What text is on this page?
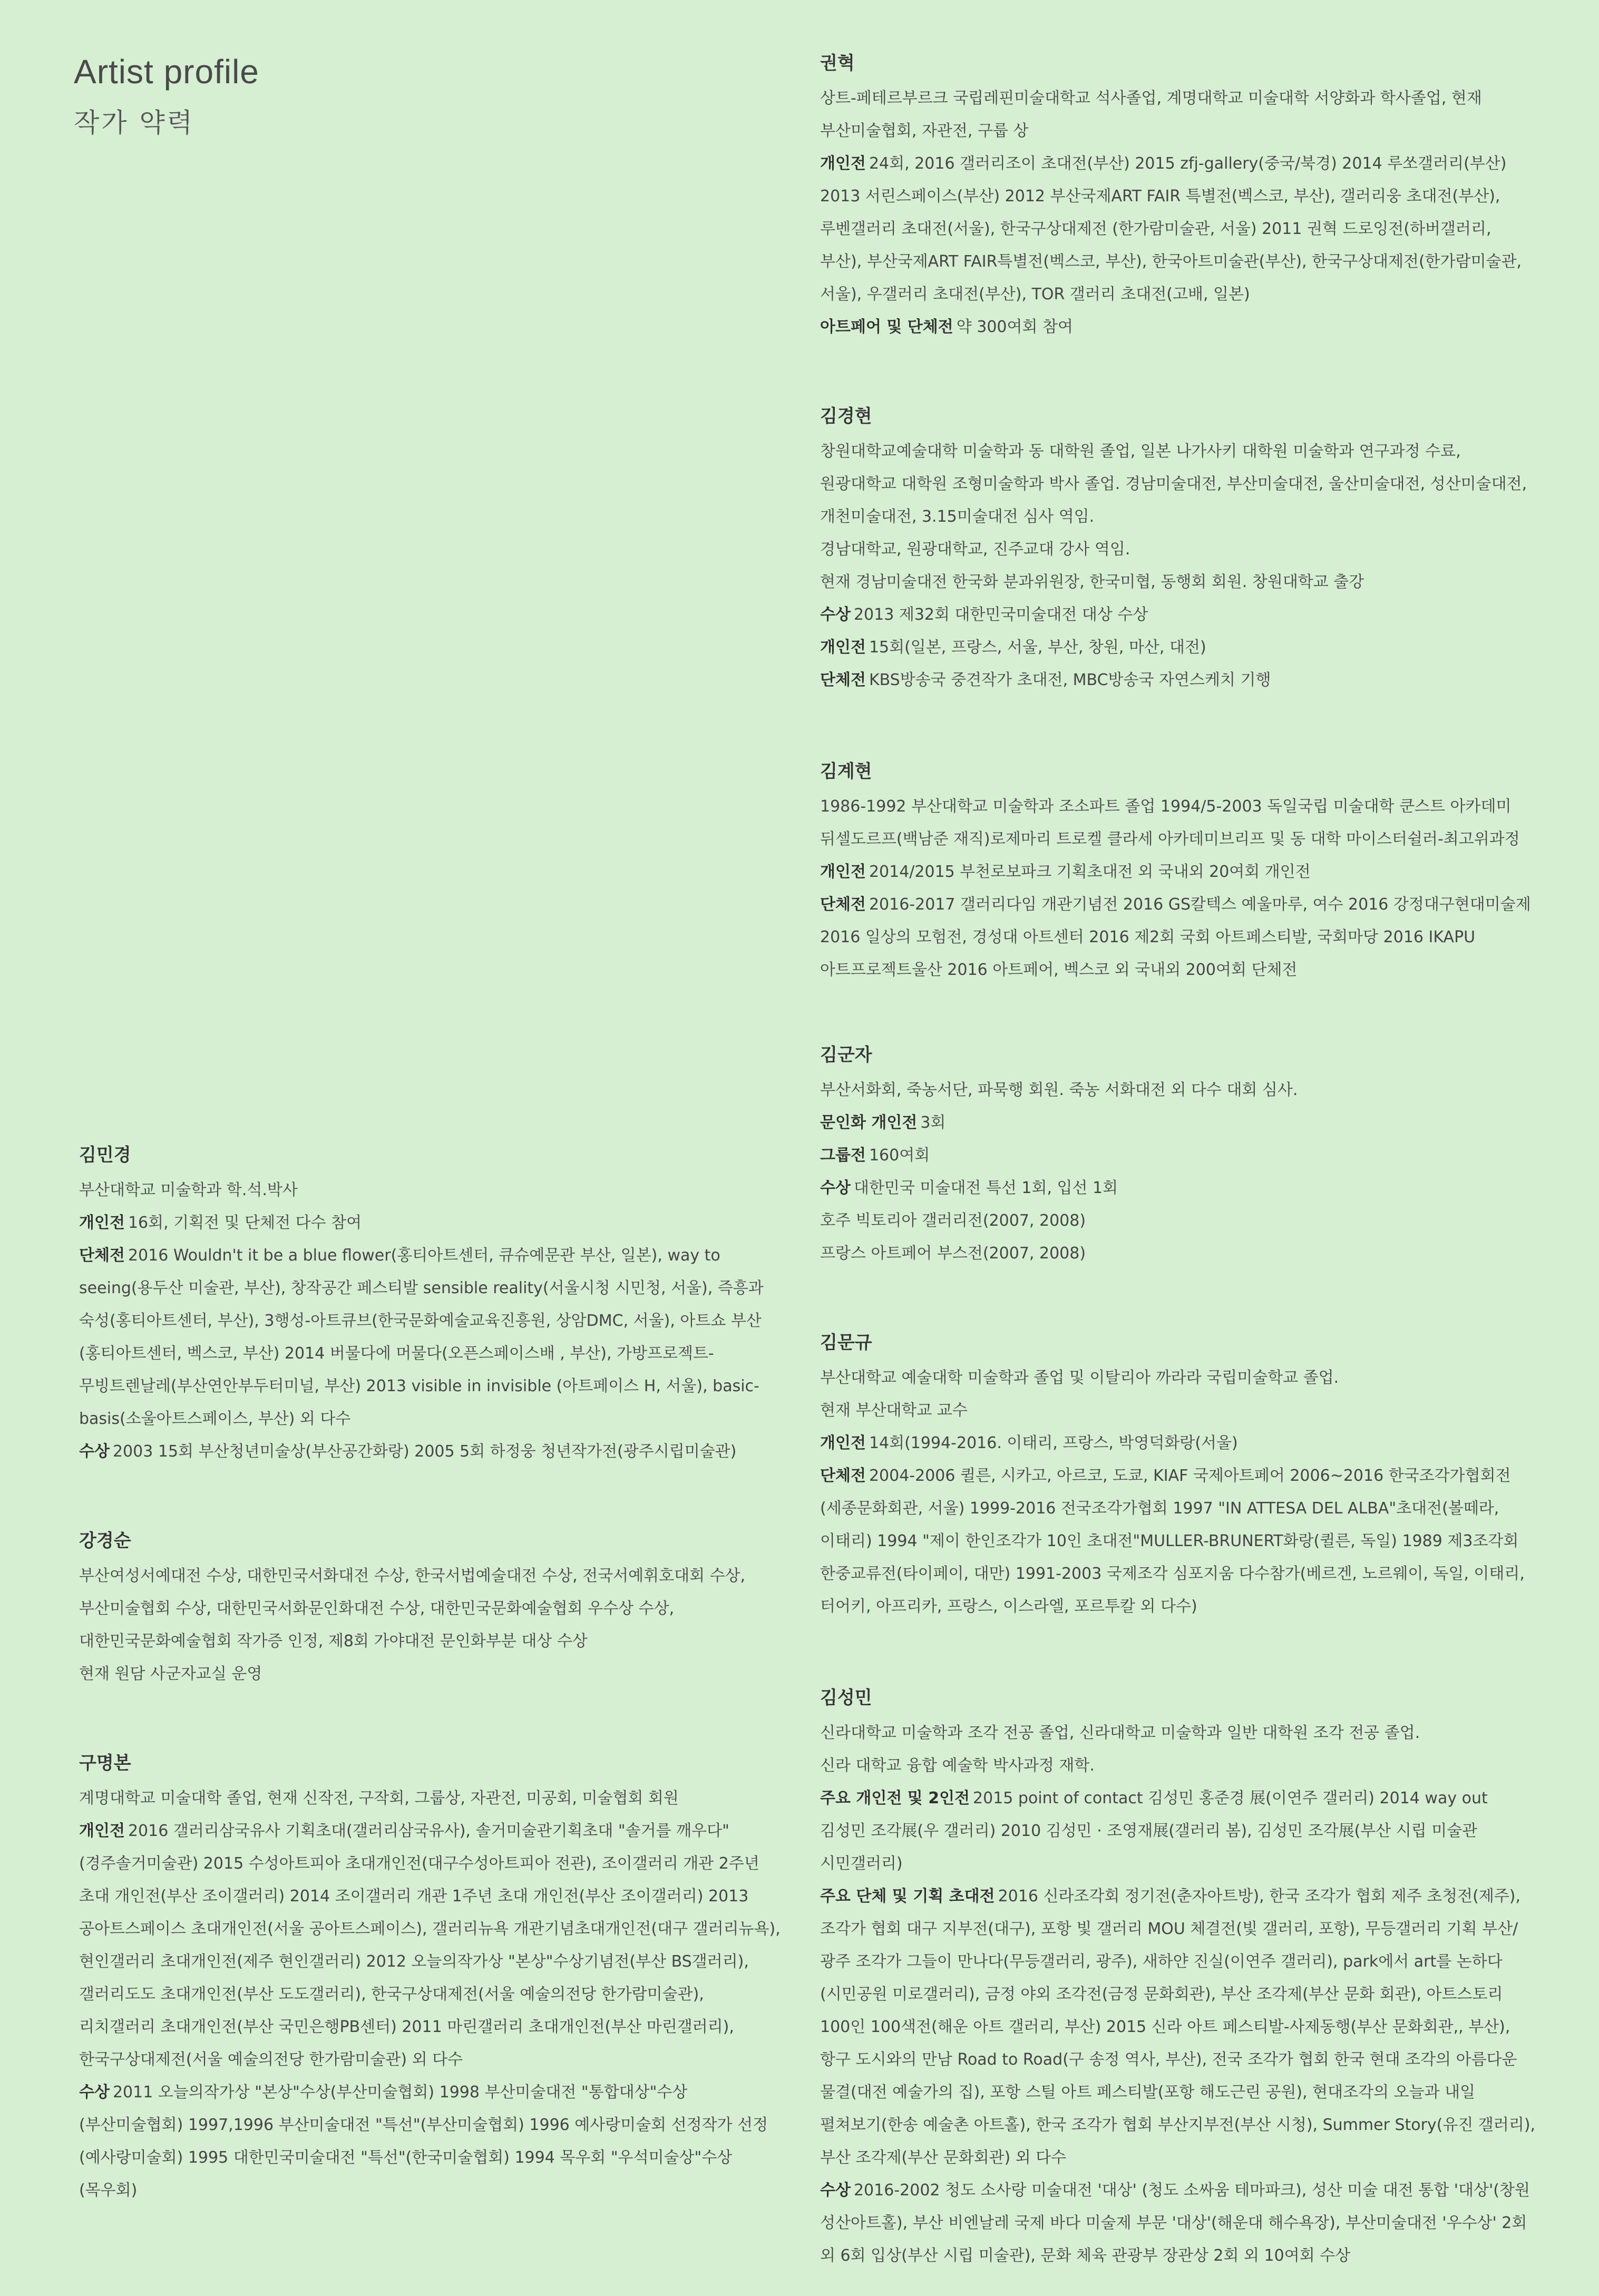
Artist profile
작가 약력
김민경

부산대학교 미술학과 학.석.박사

개인전 16회, 기획전 및 단체전 다수 참여

단체전 2016 Wouldn't it be a blue flower(홍티아트센터, 큐슈예문관 부산, 일본), way to seeing(용두산 미술관, 부산), 창작공간 페스티발 sensible reality(서울시청 시민청, 서울), 즉흥과 숙성(홍티아트센터, 부산), 3행성-아트큐브(한국문화예술교육진흥원, 상암DMC, 서울), 아트쇼 부산(홍티아트센터, 벡스코, 부산) 2014 버물다에 머물다(오픈스페이스배 , 부산), 가방프로젝트-무빙트렌날레(부산연안부두터미널, 부산) 2013 visible in invisible (아트페이스 H, 서울), basic-basis(소울아트스페이스, 부산) 외 다수

수상 2003 15회 부산청년미술상(부산공간화랑) 2005 5회 하정웅 청년작가전(광주시립미술관)

강경순

부산여성서예대전 수상, 대한민국서화대전 수상, 한국서법예술대전 수상, 전국서예휘호대회 수상, 부산미술협회 수상, 대한민국서화문인화대전 수상, 대한민국문화예술협회 우수상 수상, 대한민국문화예술협회 작가증 인정, 제8회 가야대전 문인화부분 대상 수상

현재 원담 사군자교실 운영

구명본

계명대학교 미술대학 졸업, 현재 신작전, 구작회, 그룹상, 자관전, 미공회, 미술협회 회원

개인전 2016 갤러리삼국유사 기획초대(갤러리삼국유사), 솔거미술관기획초대 "솔거를 깨우다"(경주솔거미술관) 2015 수성아트피아 초대개인전(대구수성아트피아 전관), 조이갤러리 개관 2주년 초대 개인전(부산 조이갤러리) 2014 조이갤러리 개관 1주년 초대 개인전(부산 조이갤러리) 2013 공아트스페이스 초대개인전(서울 공아트스페이스), 갤러리뉴욕 개관기념초대개인전(대구 갤러리뉴욕), 현인갤러리 초대개인전(제주 현인갤러리) 2012 오늘의작가상 "본상"수상기념전(부산 BS갤러리), 갤러리도도 초대개인전(부산 도도갤러리), 한국구상대제전(서울 예술의전당 한가람미술관), 리치갤러리 초대개인전(부산 국민은행PB센터) 2011 마린갤러리 초대개인전(부산 마린갤러리), 한국구상대제전(서울 예술의전당 한가람미술관) 외 다수

수상 2011 오늘의작가상 "본상"수상(부산미술협회) 1998 부산미술대전 "통합대상"수상(부산미술협회) 1997,1996 부산미술대전 "특선"(부산미술협회) 1996 예사랑미술회 선정작가 선정(예사랑미술회) 1995 대한민국미술대전 "특선"(한국미술협회) 1994 목우회 "우석미술상"수상(목우회)

권혁

상트-페테르부르크 국립레핀미술대학교 석사졸업, 계명대학교 미술대학 서양화과 학사졸업, 현재 부산미술협회, 자관전, 구룹 상

개인전 24회, 2016 갤러리조이 초대전(부산) 2015 zfj-gallery(중국/북경) 2014 루쏘갤러리(부산) 2013 서린스페이스(부산) 2012 부산국제ART FAIR 특별전(벡스코, 부산), 갤러리웅 초대전(부산), 루벤갤러리 초대전(서울), 한국구상대제전 (한가람미술관, 서울) 2011 권혁 드로잉전(하버갤러리, 부산), 부산국제ART FAIR특별전(벡스코, 부산), 한국아트미술관(부산), 한국구상대제전(한가람미술관, 서울), 우갤러리 초대전(부산), TOR 갤러리 초대전(고배, 일본)

아트페어 및 단체전 약 300여회 참여

김경현

창원대학교예술대학 미술학과 동 대학원 졸업, 일본 나가사키 대학원 미술학과 연구과정 수료, 원광대학교 대학원 조형미술학과 박사 졸업. 경남미술대전, 부산미술대전, 울산미술대전, 성산미술대전, 개천미술대전, 3.15미술대전 심사 역임.

경남대학교, 원광대학교, 진주교대 강사 역임.

현재 경남미술대전 한국화 분과위원장, 한국미협, 동행회 회원. 창원대학교 출강

수상 2013 제32회 대한민국미술대전 대상 수상

개인전 15회(일본, 프랑스, 서울, 부산, 창원, 마산, 대전)

단체전 KBS방송국 중견작가 초대전, MBC방송국 자연스케치 기행

김계현

1986-1992 부산대학교 미술학과 조소파트 졸업 1994/5-2003 독일국립 미술대학 쿤스트 아카데미 뒤셀도르프(백남준 재직)로제마리 트로켈 클라세 아카데미브리프 및 동 대학 마이스터쉴러-최고위과정

개인전 2014/2015 부천로보파크 기획초대전 외 국내외 20여회 개인전

단체전 2016-2017 갤러리다임 개관기념전 2016 GS칼텍스 예울마루, 여수 2016 강정대구현대미술제 2016 일상의 모험전, 경성대 아트센터 2016 제2회 국회 아트페스티발, 국회마당 2016 IKAPU 아트프로젝트울산 2016 아트페어, 벡스코 외 국내외 200여회 단체전

김군자

부산서화회, 죽농서단, 파묵행 회원. 죽농 서화대전 외 다수 대회 심사.

문인화 개인전 3회

그룹전 160여회

수상 대한민국 미술대전 특선 1회, 입선 1회

호주 빅토리아 갤러리전(2007, 2008)

프랑스 아트페어 부스전(2007, 2008)

김문규

부산대학교 예술대학 미술학과 졸업 및 이탈리아 까라라 국립미술학교 졸업.

현재 부산대학교 교수

개인전 14회(1994-2016. 이태리, 프랑스, 박영덕화랑(서울)

단체전 2004-2006 퀼른, 시카고, 아르코, 도쿄, KIAF 국제아트페어 2006~2016 한국조각가협회전(세종문화회관, 서울) 1999-2016 전국조각가협회 1997 "IN ATTESA DEL ALBA"초대전(볼떼라, 이태리) 1994 "제이 한인조각가 10인 초대전"MULLER-BRUNERT화랑(퀼른, 독일) 1989 제3조각회 한중교류전(타이페이, 대만) 1991-2003 국제조각 심포지움 다수참가(베르겐, 노르웨이, 독일, 이태리, 터어키, 아프리카, 프랑스, 이스라엘, 포르투칼 외 다수)

김성민

신라대학교 미술학과 조각 전공 졸업, 신라대학교 미술학과 일반 대학원 조각 전공 졸업.

신라 대학교 융합 예술학 박사과정 재학.

주요 개인전 및 2인전 2015 point of contact 김성민 홍준경 展(이연주 갤러리) 2014 way out 김성민 조각展(우 갤러리) 2010 김성민 · 조영재展(갤러리 봄), 김성민 조각展(부산 시립 미술관 시민갤러리)

주요 단체 및 기획 초대전 2016 신라조각회 정기전(춘자아트방), 한국 조각가 협회 제주 초청전(제주), 조각가 협회 대구 지부전(대구), 포항 빛 갤러리 MOU 체결전(빛 갤러리, 포항), 무등갤러리 기획 부산/광주 조각가 그들이 만나다(무등갤러리, 광주), 새하얀 진실(이연주 갤러리), park에서 art를 논하다(시민공원 미로갤러리), 금정 야외 조각전(금정 문화회관), 부산 조각제(부산 문화 회관), 아트스토리 100인 100색전(해운 아트 갤러리, 부산) 2015 신라 아트 페스티발-사제동행(부산 문화회관,, 부산), 항구 도시와의 만남 Road to Road(구 송정 역사, 부산), 전국 조각가 협회 한국 현대 조각의 아름다운 물결(대전 예술가의 집), 포항 스틸 아트 페스티발(포항 해도근린 공원), 현대조각의 오늘과 내일 펼쳐보기(한송 예술촌 아트홀), 한국 조각가 협회 부산지부전(부산 시청), Summer Story(유진 갤러리), 부산 조각제(부산 문화회관) 외 다수

수상 2016-2002 청도 소사랑 미술대전 '대상' (청도 소싸움 테마파크), 성산 미술 대전 통합 '대상'(창원 성산아트홀), 부산 비엔날레 국제 바다 미술제 부문 '대상'(해운대 해수욕장), 부산미술대전 '우수상' 2회 외 6회 입상(부산 시립 미술관), 문화 체육 관광부 장관상 2회 외 10여회 수상
